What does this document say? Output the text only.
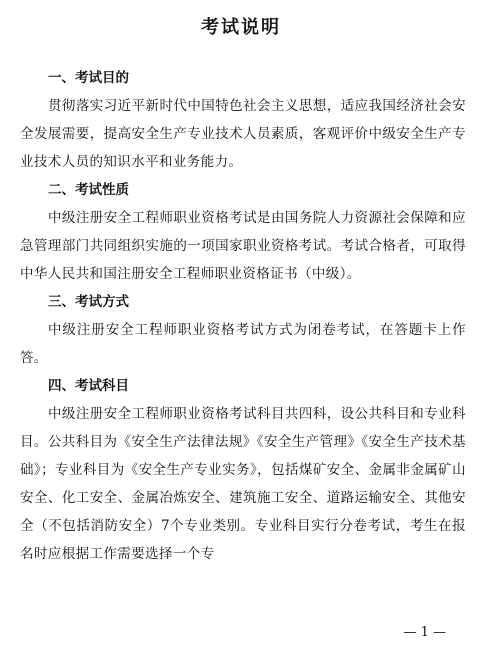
考试说明
一、考试目的

贯彻落实习近平新时代中国特色社会主义思想，适应我国经济社会安全发展需要，提高安全生产专业技术人员素质，客观评价中级安全生产专业技术人员的知识水平和业务能力。

二、考试性质

中级注册安全工程师职业资格考试是由国务院人力资源社会保障和应急管理部门共同组织实施的一项国家职业资格考试。考试合格者，可取得中华人民共和国注册安全工程师职业资格证书（中级）。

三、考试方式

中级注册安全工程师职业资格考试方式为闭卷考试，在答题卡上作答。

四、考试科目

中级注册安全工程师职业资格考试科目共四科，设公共科目和专业科目。公共科目为《安全生产法律法规》《安全生产管理》《安全生产技术基础》；专业科目为《安全生产专业实务》，包括煤矿安全、金属非金属矿山安全、化工安全、金属冶炼安全、建筑施工安全、道路运输安全、其他安全（不包括消防安全）7个专业类别。专业科目实行分卷考试，考生在报名时应根据工作需要选择一个专

— 1 —
